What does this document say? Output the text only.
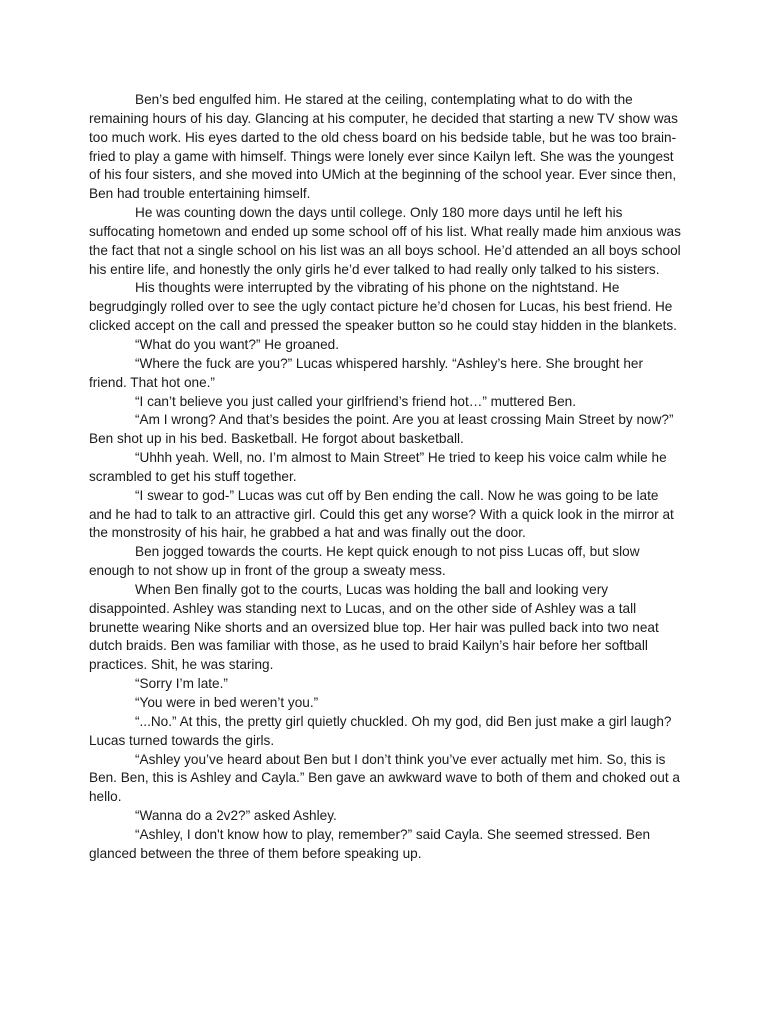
Ben’s bed engulfed him. He stared at the ceiling, contemplating what to do with the remaining hours of his day. Glancing at his computer, he decided that starting a new TV show was too much work. His eyes darted to the old chess board on his bedside table, but he was too brain-fried to play a game with himself. Things were lonely ever since Kailyn left. She was the youngest of his four sisters, and she moved into UMich at the beginning of the school year. Ever since then, Ben had trouble entertaining himself.

He was counting down the days until college. Only 180 more days until he left his suffocating hometown and ended up some school off of his list. What really made him anxious was the fact that not a single school on his list was an all boys school. He’d attended an all boys school his entire life, and honestly the only girls he’d ever talked to had really only talked to his sisters.

His thoughts were interrupted by the vibrating of his phone on the nightstand. He begrudgingly rolled over to see the ugly contact picture he’d chosen for Lucas, his best friend. He clicked accept on the call and pressed the speaker button so he could stay hidden in the blankets.

“What do you want?” He groaned.

“Where the fuck are you?” Lucas whispered harshly. “Ashley’s here. She brought her friend. That hot one.”

“I can’t believe you just called your girlfriend’s friend hot…” muttered Ben.

“Am I wrong? And that’s besides the point. Are you at least crossing Main Street by now?” Ben shot up in his bed. Basketball. He forgot about basketball.

“Uhhh yeah. Well, no. I’m almost to Main Street” He tried to keep his voice calm while he scrambled to get his stuff together.

“I swear to god-” Lucas was cut off by Ben ending the call. Now he was going to be late and he had to talk to an attractive girl. Could this get any worse? With a quick look in the mirror at the monstrosity of his hair, he grabbed a hat and was finally out the door.

Ben jogged towards the courts. He kept quick enough to not piss Lucas off, but slow enough to not show up in front of the group a sweaty mess.

When Ben finally got to the courts, Lucas was holding the ball and looking very disappointed. Ashley was standing next to Lucas, and on the other side of Ashley was a tall brunette wearing Nike shorts and an oversized blue top. Her hair was pulled back into two neat dutch braids. Ben was familiar with those, as he used to braid Kailyn’s hair before her softball practices. Shit, he was staring.

“Sorry I’m late.”

“You were in bed weren’t you.”

“...No.” At this, the pretty girl quietly chuckled. Oh my god, did Ben just make a girl laugh? Lucas turned towards the girls.

“Ashley you’ve heard about Ben but I don’t think you’ve ever actually met him. So, this is Ben. Ben, this is Ashley and Cayla.” Ben gave an awkward wave to both of them and choked out a hello.

“Wanna do a 2v2?” asked Ashley.

“Ashley, I don't know how to play, remember?” said Cayla. She seemed stressed. Ben glanced between the three of them before speaking up.
